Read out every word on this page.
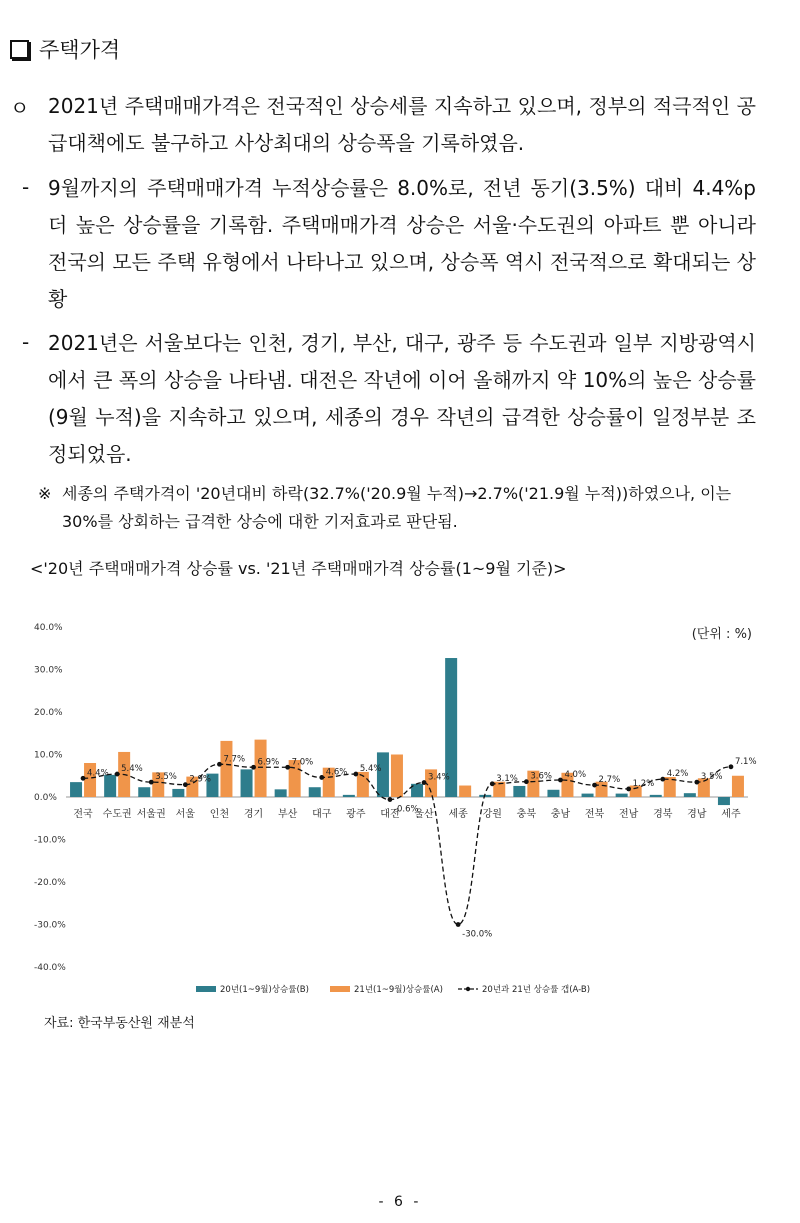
주택가격
ㅇ 2021년 주택매매가격은 전국적인 상승세를 지속하고 있으며, 정부의 적극적인 공급대책에도 불구하고 사상최대의 상승폭을 기록하였음.
- 9월까지의 주택매매가격 누적상승률은 8.0%로, 전년 동기(3.5%) 대비 4.4%p 더 높은 상승률을 기록함. 주택매매가격 상승은 서울·수도권의 아파트 뿐 아니라 전국의 모든 주택 유형에서 나타나고 있으며, 상승폭 역시 전국적으로 확대되는 상황
- 2021년은 서울보다는 인천, 경기, 부산, 대구, 광주 등 수도권과 일부 지방광역시에서 큰 폭의 상승을 나타냄. 대전은 작년에 이어 올해까지 약 10%의 높은 상승률(9월 누적)을 지속하고 있으며, 세종의 경우 작년의 급격한 상승률이 일정부분 조정되었음.
※ 세종의 주택가격이 '20년대비 하락(32.7%('20.9월 누적)→2.7%('21.9월 누적))하였으나, 이는 30%를 상회하는 급격한 상승에 대한 기저효과로 판단됨.
<'20년 주택매매가격 상승률 vs. '21년 주택매매가격 상승률(1~9월 기준)>
(단위 : %)
40.0%
30.0%
20.0%
10.0%
0.0%
-10.0%
-20.0%
-30.0%
-40.0%
전국 수도권 서울권 서울 인천 경기 부산 대구 광주 대전 울산 세종 강원 충북 충남 전북 전남 경북 경남 세주
4.4% 5.4%
3.5% 2.9%
7.7% 6.9% 7.0%
4.6% 5.4%
-0.6%
3.4%
-30.0%
3.1% 3.6% 4.0%
2.7% 1.2%
4.2% 3.5%
7.1%
20년(1~9월)상승률(B)	21년(1~9월)상승률(A)	20년과 21년 상승률 갭(A-B)
자료: 한국부동산원 재분석
- 6 -
